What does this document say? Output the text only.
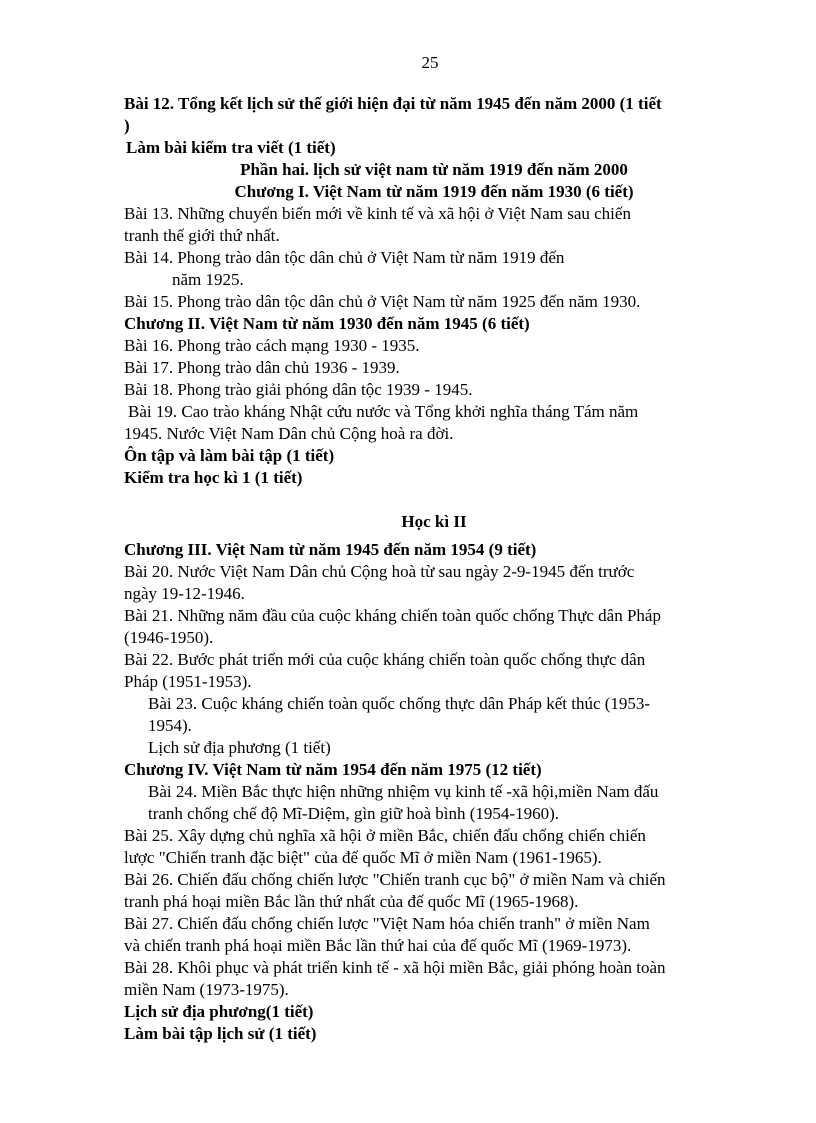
25
Bài 12. Tổng kết lịch sử thế giới hiện đại từ năm 1945 đến năm 2000 (1 tiết
)
Làm bài kiểm tra viết (1 tiết)
Phần hai. lịch sử việt nam từ năm 1919 đến năm 2000
Chương I. Việt Nam từ năm 1919 đến năm 1930 (6 tiết)
Bài 13. Những chuyển biến mới về kinh tế và xã hội ở Việt Nam sau chiến
tranh thế giới thứ nhất.
Bài 14. Phong trào dân tộc dân chủ ở Việt Nam từ năm 1919 đến
năm 1925.
Bài 15. Phong trào dân tộc dân chủ ở Việt Nam từ năm 1925 đến năm 1930.
Chương II. Việt Nam từ năm 1930 đến năm 1945 (6 tiết)
Bài 16. Phong trào cách mạng 1930 - 1935.
Bài 17. Phong trào dân chủ 1936 - 1939.
Bài 18. Phong trào giải phóng dân tộc 1939 - 1945.
Bài 19. Cao trào kháng Nhật cứu nước và Tổng khởi nghĩa tháng Tám năm
1945. Nước Việt Nam Dân chủ Cộng hoà ra đời.
Ôn tập và làm bài tập (1 tiết)
Kiểm tra học kì 1 (1 tiết)
Học kì II
Chương III. Việt Nam từ năm 1945 đến năm 1954 (9 tiết)
Bài 20. Nước Việt Nam Dân chủ Cộng hoà từ sau ngày 2-9-1945 đến trước
ngày 19-12-1946.
Bài 21. Những năm đầu của cuộc kháng chiến toàn quốc chống Thực dân Pháp
(1946-1950).
Bài 22. Bước phát triển mới của cuộc kháng chiến toàn quốc chống thực dân
Pháp (1951-1953).
Bài 23. Cuộc kháng chiến toàn quốc chống thực dân Pháp kết thúc (1953-
1954).
Lịch sử địa phương (1 tiết)
Chương IV. Việt Nam từ năm 1954 đến năm 1975 (12 tiết)
Bài 24. Miền Bắc thực hiện những nhiệm vụ kinh tế -xã hội,miền Nam đấu
tranh chống chế độ Mĩ-Diệm, gìn giữ hoà bình (1954-1960).
Bài 25. Xây dựng chủ nghĩa xã hội ở miền Bắc, chiến đấu chống chiến chiến
lược "Chiến tranh đặc biệt" của đế quốc Mĩ ở miền Nam (1961-1965).
Bài 26. Chiến đấu chống chiến lược "Chiến tranh cục bộ" ở miền Nam và chiến
tranh phá hoại miền Bắc lần thứ nhất của đế quốc Mĩ (1965-1968).
Bài 27. Chiến đấu chống chiến lược "Việt Nam hóa chiến tranh" ở miền Nam
và chiến tranh phá hoại miền Bắc lần thứ hai của đế quốc Mĩ (1969-1973).
Bài 28. Khôi phục và phát triển kinh tế - xã hội miền Bắc, giải phóng hoàn toàn
miền Nam (1973-1975).
Lịch sử địa phương(1 tiết)
Làm bài tập lịch sử (1 tiết)
